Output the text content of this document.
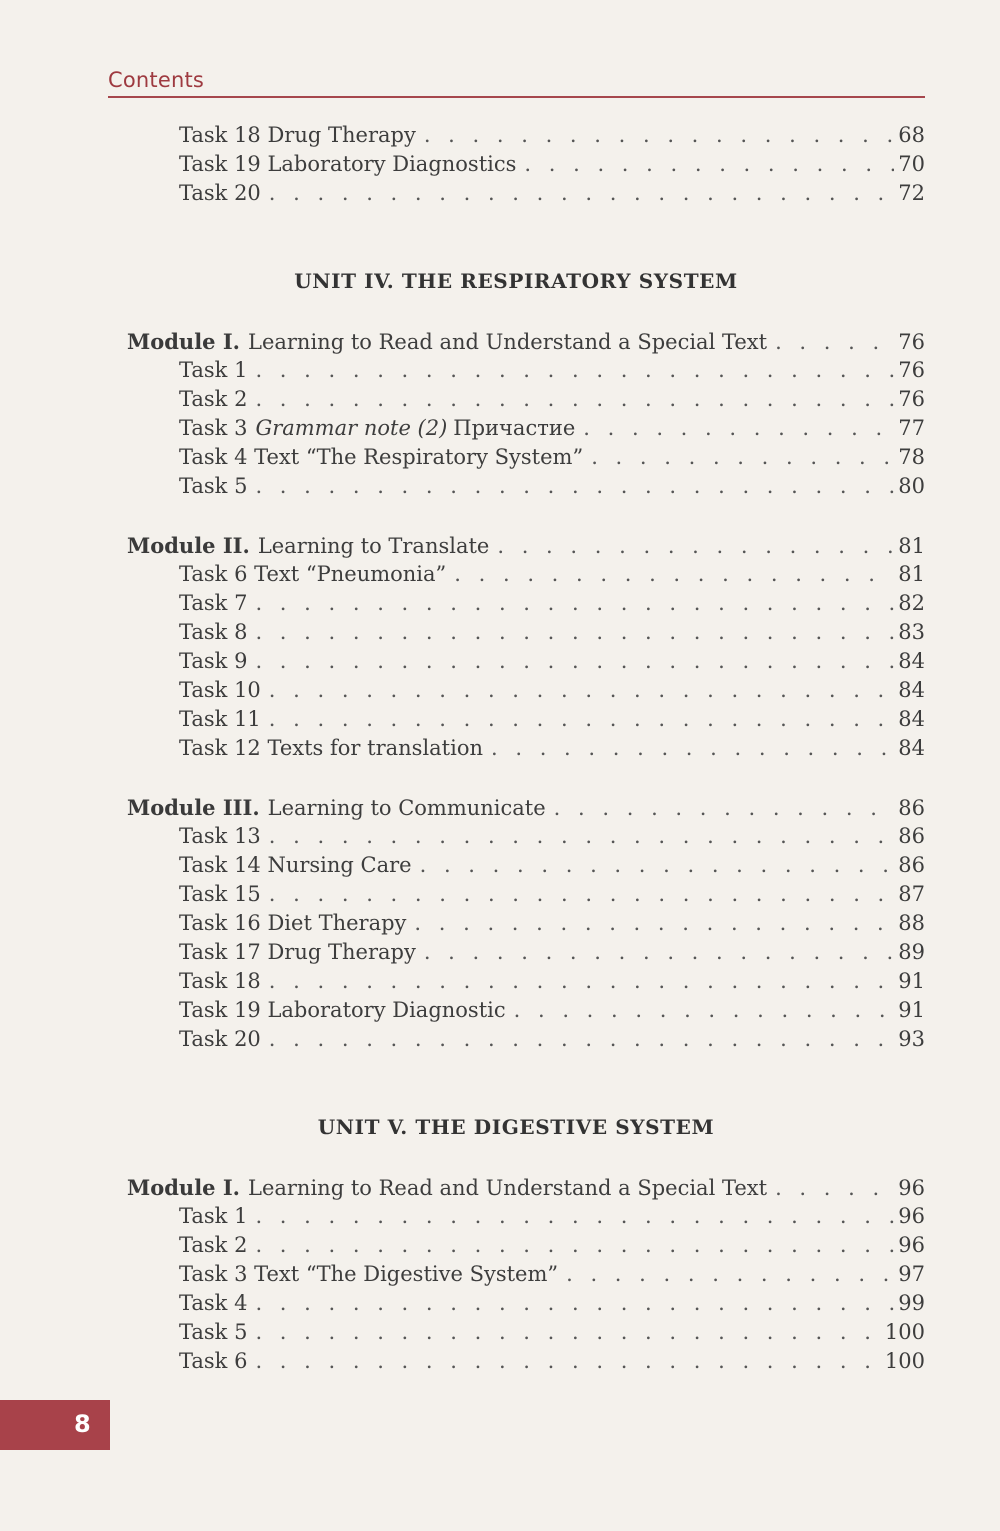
Contents
Task 18 Drug Therapy . . .	68
Task 19 Laboratory Diagnostics . . .	70
Task 20 . . .	72
UNIT IV. THE RESPIRATORY SYSTEM
Module I. Learning to Read and Understand a Special Text . . .	76
Task 1 . . .	76
Task 2 . . .	76
Task 3 Grammar note (2) Причастие . . .	77
Task 4 Text “The Respiratory System” . . .	78
Task 5 . . .	80
Module II. Learning to Translate . . .	81
Task 6 Text “Pneumonia” . . .	81
Task 7 . . .	82
Task 8 . . .	83
Task 9 . . .	84
Task 10 . . .	84
Task 11 . . .	84
Task 12 Texts for translation . . .	84
Module III. Learning to Communicate . . .	86
Task 13 . . .	86
Task 14 Nursing Care . . .	86
Task 15 . . .	87
Task 16 Diet Therapy . . .	88
Task 17 Drug Therapy . . .	89
Task 18 . . .	91
Task 19 Laboratory Diagnostic . . .	91
Task 20 . . .	93
UNIT V. THE DIGESTIVE SYSTEM
Module I. Learning to Read and Understand a Special Text . . .	96
Task 1 . . .	96
Task 2 . . .	96
Task 3 Text “The Digestive System” . . .	97
Task 4 . . .	99
Task 5 . . .	100
Task 6 . . .	100
8
